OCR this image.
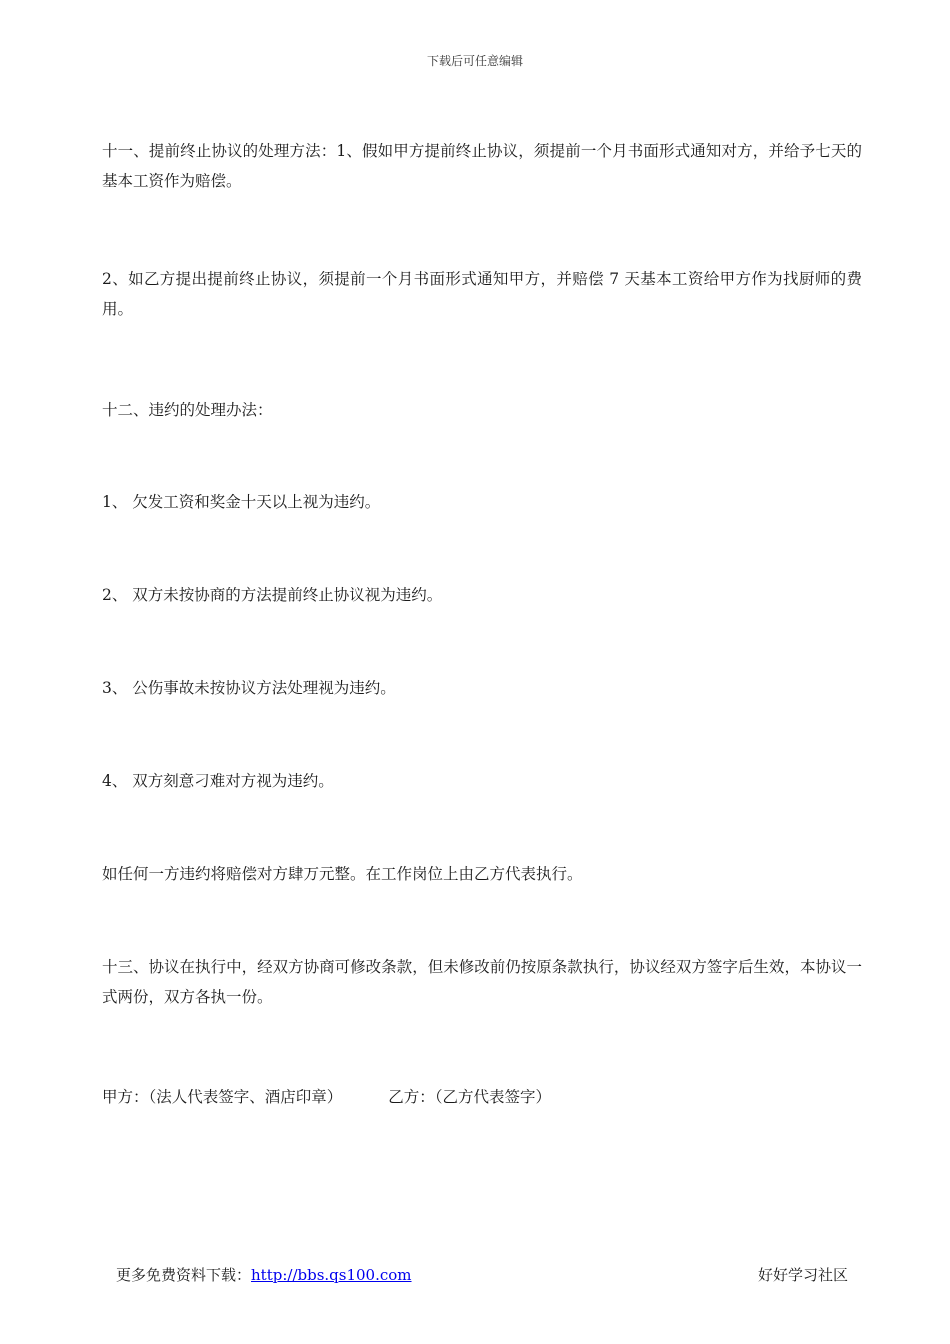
下载后可任意编辑

十一、提前终止协议的处理方法：1、假如甲方提前终止协议，须提前一个月书面形式通知对方，并给予七天的基本工资作为赔偿。

2、如乙方提出提前终止协议，须提前一个月书面形式通知甲方，并赔偿 7 天基本工资给甲方作为找厨师的费用。

十二、违约的处理办法：

1、 欠发工资和奖金十天以上视为违约。

2、 双方未按协商的方法提前终止协议视为违约。

3、 公伤事故未按协议方法处理视为违约。

4、 双方刻意刁难对方视为违约。

如任何一方违约将赔偿对方肆万元整。在工作岗位上由乙方代表执行。

十三、协议在执行中，经双方协商可修改条款，但未修改前仍按原条款执行，协议经双方签字后生效，本协议一式两份，双方各执一份。

甲方：（法人代表签字、酒店印章）	乙方：（乙方代表签字）
更多免费资料下载：http://bbs.qs100.com	好好学习社区
